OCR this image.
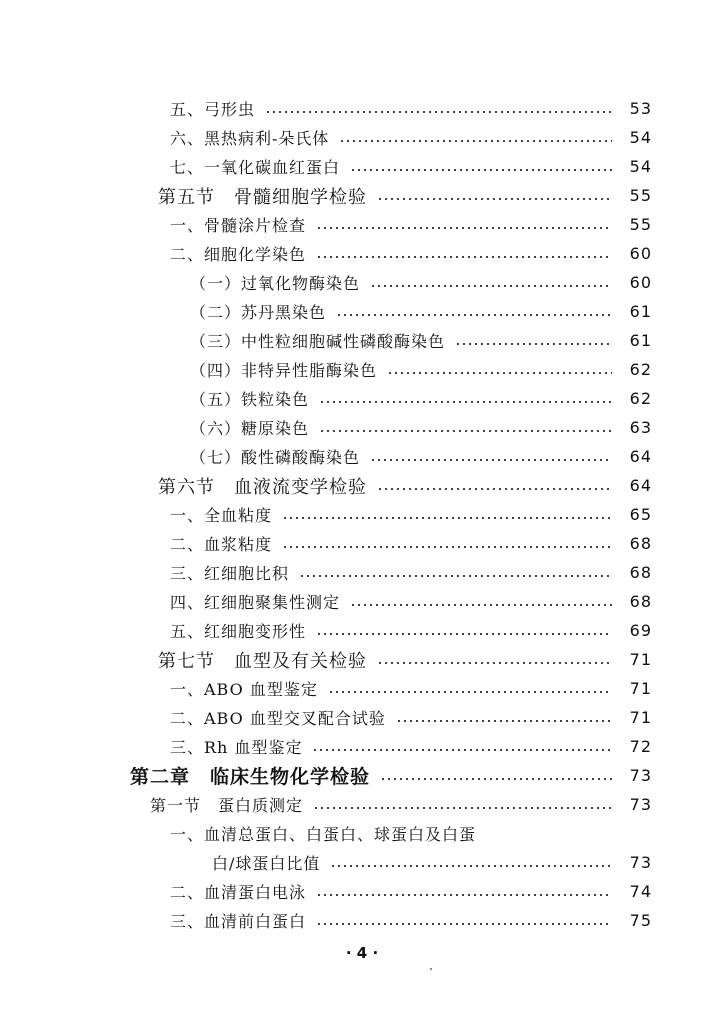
五、弓形虫	53
六、黑热病利-朵氏体	54
七、一氧化碳血红蛋白	54
第五节　骨髓细胞学检验	55
一、骨髓涂片检查	55
二、细胞化学染色	60
（一）过氧化物酶染色	60
（二）苏丹黑染色	61
（三）中性粒细胞碱性磷酸酶染色	61
（四）非特异性脂酶染色	62
（五）铁粒染色	62
（六）糖原染色	63
（七）酸性磷酸酶染色	64
第六节　血液流变学检验	64
一、全血粘度	65
二、血浆粘度	68
三、红细胞比积	68
四、红细胞聚集性测定	68
五、红细胞变形性	69
第七节　血型及有关检验	71
一、ABO 血型鉴定	71
二、ABO 血型交叉配合试验	71
三、Rh 血型鉴定	72
第二章　临床生物化学检验	73
第一节　蛋白质测定	73
一、血清总蛋白、白蛋白、球蛋白及白蛋
白/球蛋白比值	73
二、血清蛋白电泳	74
三、血清前白蛋白	75
· 4 ·
